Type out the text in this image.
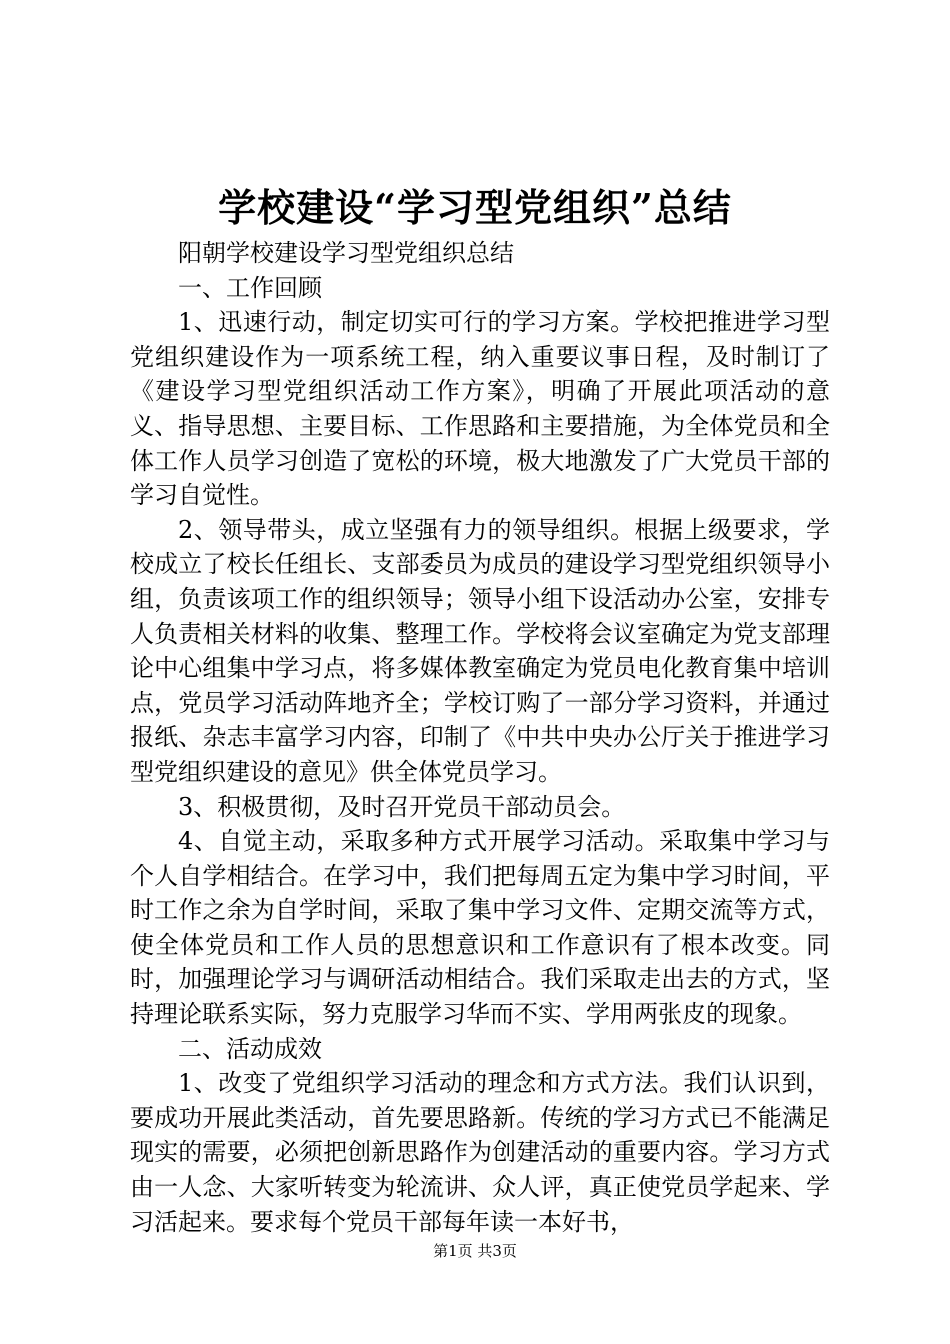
学校建设“学习型党组织”总结

阳朝学校建设学习型党组织总结

一、工作回顾

1、迅速行动，制定切实可行的学习方案。学校把推进学习型党组织建设作为一项系统工程，纳入重要议事日程，及时制订了《建设学习型党组织活动工作方案》，明确了开展此项活动的意义、指导思想、主要目标、工作思路和主要措施，为全体党员和全体工作人员学习创造了宽松的环境，极大地激发了广大党员干部的学习自觉性。

2、领导带头，成立坚强有力的领导组织。根据上级要求，学校成立了校长任组长、支部委员为成员的建设学习型党组织领导小组，负责该项工作的组织领导；领导小组下设活动办公室，安排专人负责相关材料的收集、整理工作。学校将会议室确定为党支部理论中心组集中学习点，将多媒体教室确定为党员电化教育集中培训点，党员学习活动阵地齐全；学校订购了一部分学习资料，并通过报纸、杂志丰富学习内容，印制了《中共中央办公厅关于推进学习型党组织建设的意见》供全体党员学习。

3、积极贯彻，及时召开党员干部动员会。

4、自觉主动，采取多种方式开展学习活动。采取集中学习与个人自学相结合。在学习中，我们把每周五定为集中学习时间，平时工作之余为自学时间，采取了集中学习文件、定期交流等方式，使全体党员和工作人员的思想意识和工作意识有了根本改变。同时，加强理论学习与调研活动相结合。我们采取走出去的方式，坚持理论联系实际，努力克服学习华而不实、学用两张皮的现象。

二、活动成效

1、改变了党组织学习活动的理念和方式方法。我们认识到，要成功开展此类活动，首先要思路新。传统的学习方式已不能满足现实的需要，必须把创新思路作为创建活动的重要内容。学习方式由一人念、大家听转变为轮流讲、众人评，真正使党员学起来、学习活起来。要求每个党员干部每年读一本好书，

第1页 共3页
